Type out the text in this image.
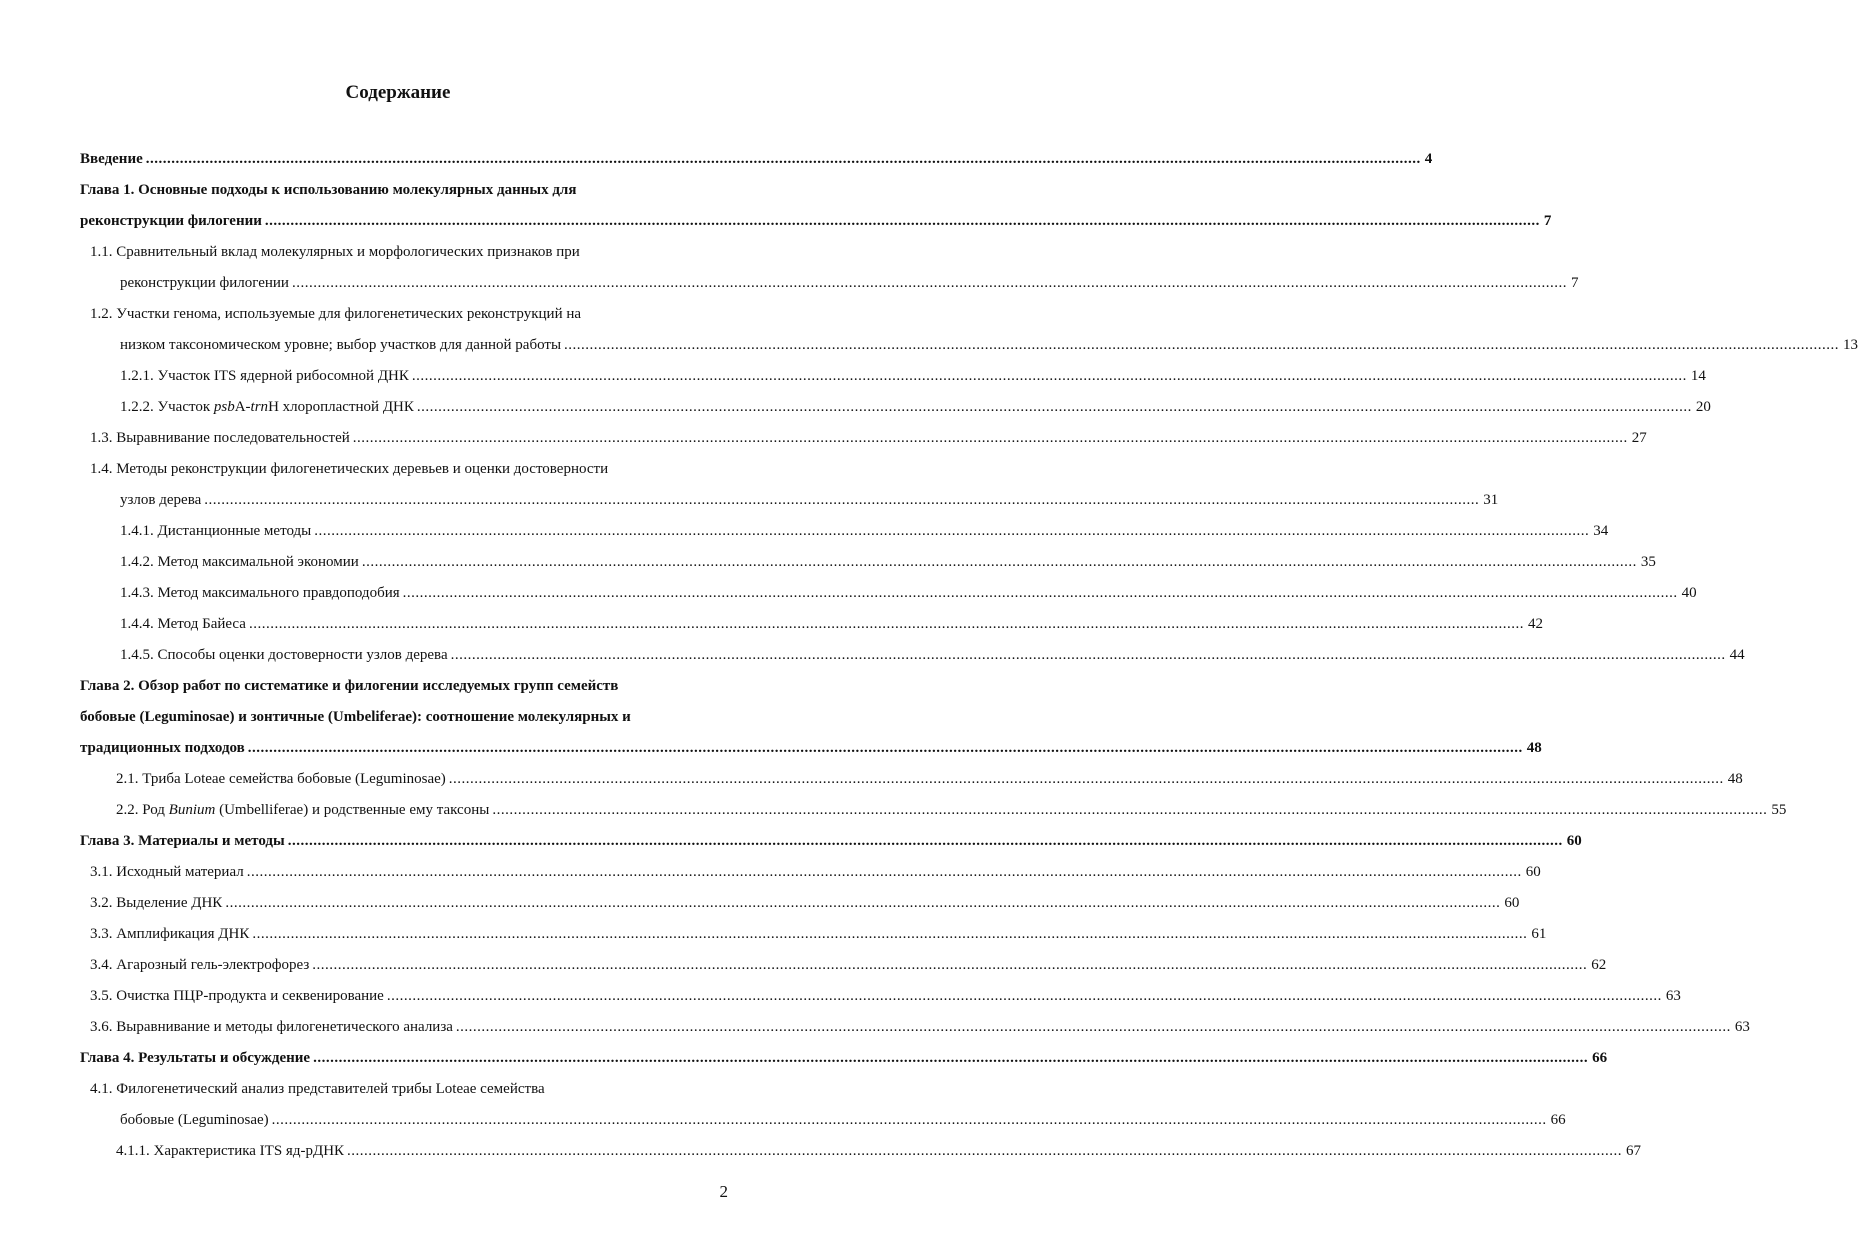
Содержание
Введение ............................................................................................................................................................................................................................................................................................................ 4
Глава 1. Основные подходы к использованию молекулярных данных для
реконструкции филогении ............................................................................................................................................................................................................................................................................................................ 7
1.1. Сравнительный вклад молекулярных и морфологических признаков при
реконструкции филогении ............................................................................................................................................................................................................................................................................................................ 7
1.2. Участки генома, используемые для филогенетических реконструкций на
низком таксономическом уровне; выбор участков для данной работы ............................................................................................................................................................................................................................................................................................................ 13
1.2.1. Участок ITS ядерной рибосомной ДНК ............................................................................................................................................................................................................................................................................................................ 14
1.2.2. Участок psbA-trnH хлоропластной ДНК ............................................................................................................................................................................................................................................................................................................ 20
1.3. Выравнивание последовательностей ............................................................................................................................................................................................................................................................................................................ 27
1.4. Методы реконструкции филогенетических деревьев и оценки достоверности
узлов дерева ............................................................................................................................................................................................................................................................................................................ 31
1.4.1. Дистанционные методы ............................................................................................................................................................................................................................................................................................................ 34
1.4.2. Метод максимальной экономии ............................................................................................................................................................................................................................................................................................................ 35
1.4.3. Метод максимального правдоподобия ............................................................................................................................................................................................................................................................................................................ 40
1.4.4. Метод Байеса ............................................................................................................................................................................................................................................................................................................ 42
1.4.5. Способы оценки достоверности узлов дерева ............................................................................................................................................................................................................................................................................................................ 44
Глава 2. Обзор работ по систематике и филогении исследуемых групп семейств
бобовые (Leguminosae) и зонтичные (Umbeliferae): соотношение молекулярных и
традиционных подходов ............................................................................................................................................................................................................................................................................................................ 48
2.1. Триба Loteae семейства бобовые (Leguminosae) ............................................................................................................................................................................................................................................................................................................ 48
2.2. Род Bunium (Umbelliferae) и родственные ему таксоны ............................................................................................................................................................................................................................................................................................................ 55
Глава 3. Материалы и методы ............................................................................................................................................................................................................................................................................................................ 60
3.1. Исходный материал ............................................................................................................................................................................................................................................................................................................ 60
3.2. Выделение ДНК ............................................................................................................................................................................................................................................................................................................ 60
3.3. Амплификация ДНК ............................................................................................................................................................................................................................................................................................................ 61
3.4. Агарозный гель-электрофорез ............................................................................................................................................................................................................................................................................................................ 62
3.5. Очистка ПЦР-продукта и секвенирование ............................................................................................................................................................................................................................................................................................................ 63
3.6. Выравнивание и методы филогенетического анализа ............................................................................................................................................................................................................................................................................................................ 63
Глава 4. Результаты и обсуждение ............................................................................................................................................................................................................................................................................................................ 66
4.1. Филогенетический анализ представителей трибы Loteae семейства
бобовые (Leguminosae) ............................................................................................................................................................................................................................................................................................................ 66
4.1.1. Характеристика ITS яд-рДНК ............................................................................................................................................................................................................................................................................................................ 67
2
